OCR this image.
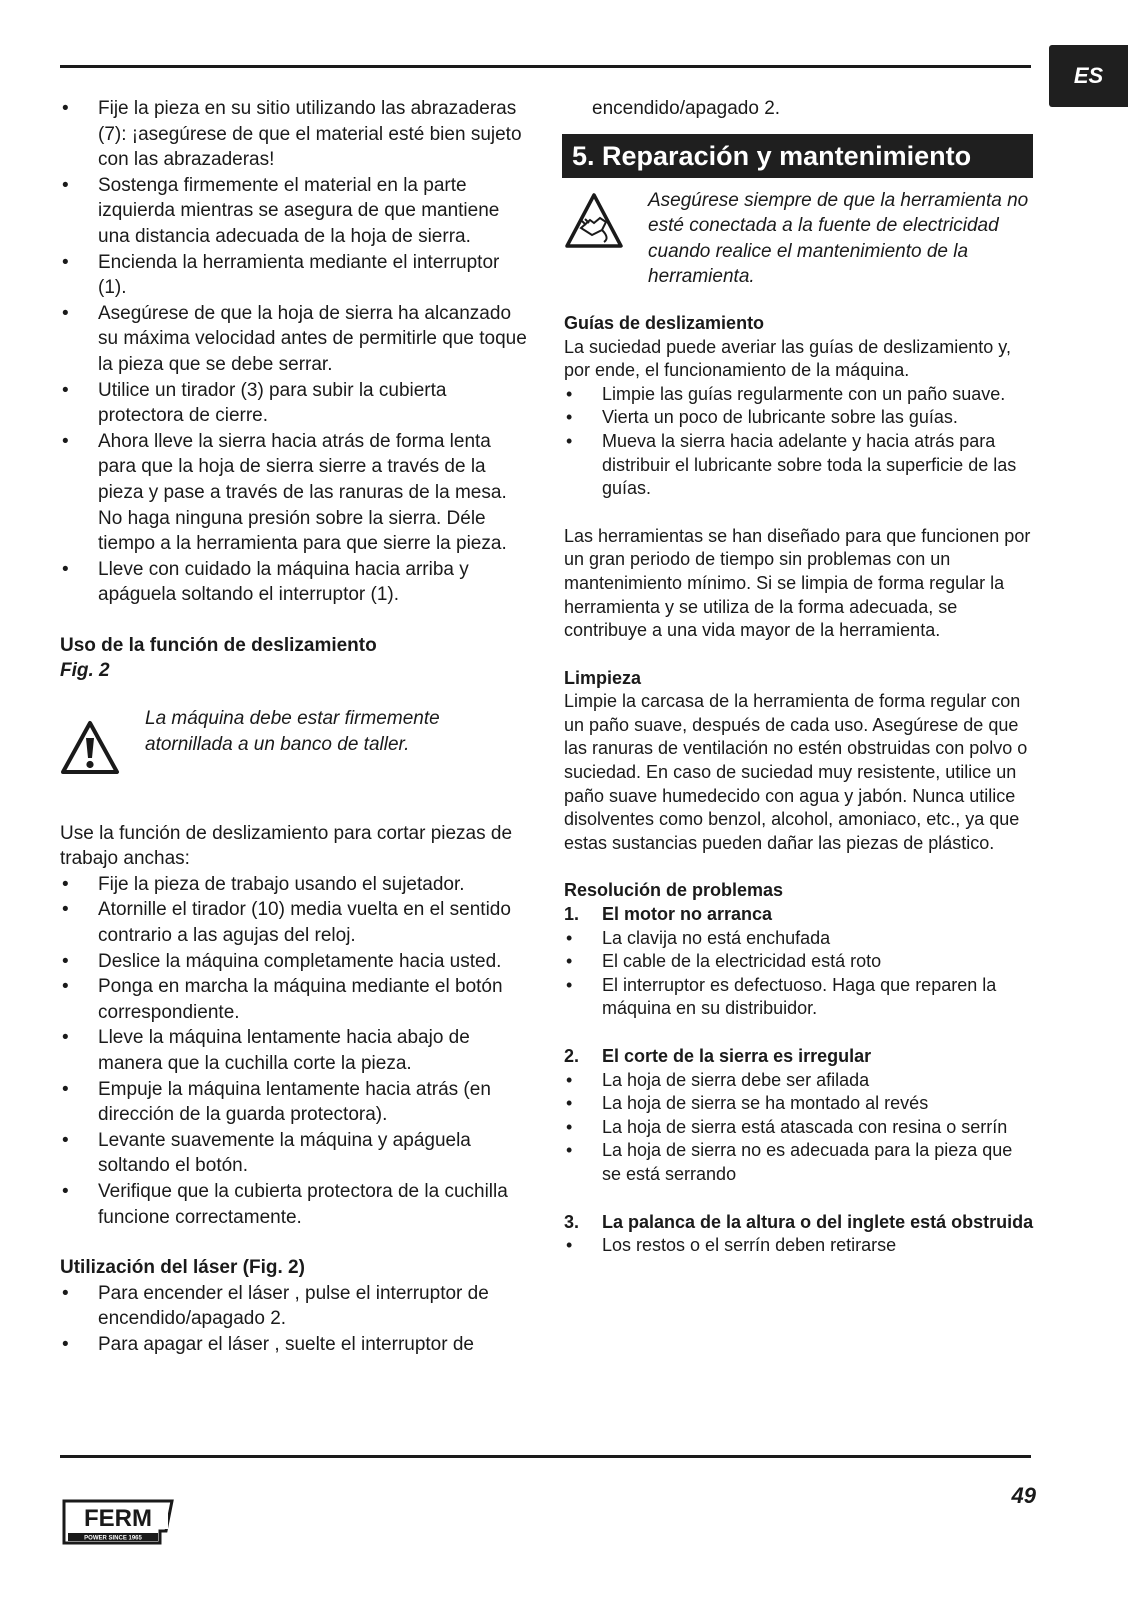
ES
• Fije la pieza en su sitio utilizando las abrazaderas (7): ¡asegúrese de que el material esté bien sujeto con las abrazaderas!
• Sostenga firmemente el material en la parte izquierda mientras se asegura de que mantiene una distancia adecuada de la hoja de sierra.
• Encienda la herramienta mediante el interruptor (1).
• Asegúrese de que la hoja de sierra ha alcanzado su máxima velocidad antes de permitirle que toque la pieza que se debe serrar.
• Utilice un tirador (3) para subir la cubierta protectora de cierre.
• Ahora lleve la sierra hacia atrás de forma lenta para que la hoja de sierra sierre a través de la pieza y pase a través de las ranuras de la mesa. No haga ninguna presión sobre la sierra. Déle tiempo a la herramienta para que sierre la pieza.
• Lleve con cuidado la máquina hacia arriba y apáguela soltando el interruptor (1).
Uso de la función de deslizamiento
Fig. 2
La máquina debe estar firmemente atornillada a un banco de taller.

Use la función de deslizamiento para cortar piezas de trabajo anchas:

• Fije la pieza de trabajo usando el sujetador.
• Atornille el tirador (10) media vuelta en el sentido contrario a las agujas del reloj.
• Deslice la máquina completamente hacia usted.
• Ponga en marcha la máquina mediante el botón correspondiente.
• Lleve la máquina lentamente hacia abajo de manera que la cuchilla corte la pieza.
• Empuje la máquina lentamente hacia atrás (en dirección de la guarda protectora).
• Levante suavemente la máquina y apáguela soltando el botón.
• Verifique que la cubierta protectora de la cuchilla funcione correctamente.
Utilización del láser (Fig. 2)
• Para encender el láser , pulse el interruptor de encendido/apagado 2.
• Para apagar el láser , suelte el interruptor de
encendido/apagado 2.
5. Reparación y mantenimiento
Asegúrese siempre de que la herramienta no esté conectada a la fuente de electricidad cuando realice el mantenimiento de la herramienta.
Guías de deslizamiento

La suciedad puede averiar las guías de deslizamiento y, por ende, el funcionamiento de la máquina.

• Limpie las guías regularmente con un paño suave.
• Vierta un poco de lubricante sobre las guías.
• Mueva la sierra hacia adelante y hacia atrás para distribuir el lubricante sobre toda la superficie de las guías.

Las herramientas se han diseñado para que funcionen por un gran periodo de tiempo sin problemas con un mantenimiento mínimo. Si se limpia de forma regular la herramienta y se utiliza de la forma adecuada, se contribuye a una vida mayor de la herramienta.

Limpieza

Limpie la carcasa de la herramienta de forma regular con un paño suave, después de cada uso. Asegúrese de que las ranuras de ventilación no estén obstruidas con polvo o suciedad. En caso de suciedad muy resistente, utilice un paño suave humedecido con agua y jabón. Nunca utilice disolventes como benzol, alcohol, amoniaco, etc., ya que estas sustancias pueden dañar las piezas de plástico.

Resolución de problemas
1.	El motor no arranca
• La clavija no está enchufada
• El cable de la electricidad está roto
• El interruptor es defectuoso. Haga que reparen la máquina en su distribuidor.
2.	El corte de la sierra es irregular
• La hoja de sierra debe ser afilada
• La hoja de sierra se ha montado al revés
• La hoja de sierra está atascada con resina o serrín
• La hoja de sierra no es adecuada para la pieza que se está serrando
3.	La palanca de la altura o del inglete está obstruida
• Los restos o el serrín deben retirarse
FERM
POWER SINCE 1965
49
